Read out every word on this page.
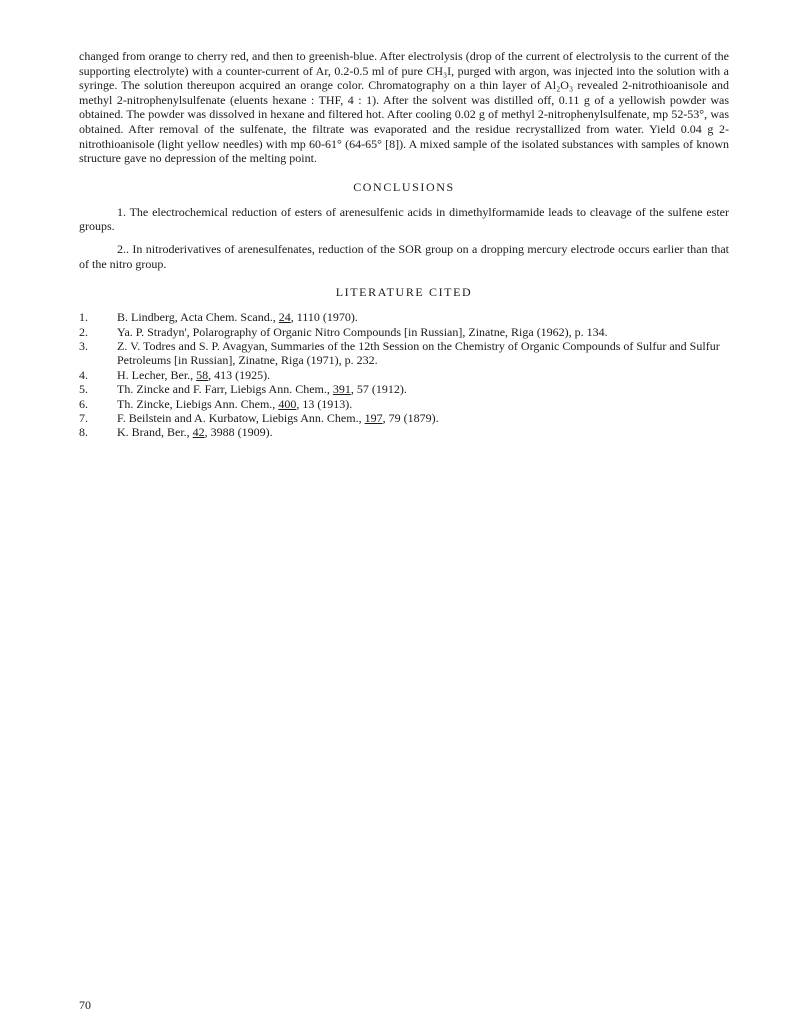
changed from orange to cherry red, and then to greenish-blue. After electrolysis (drop of the current of electrolysis to the current of the supporting electrolyte) with a counter-current of Ar, 0.2-0.5 ml of pure CH₃I, purged with argon, was injected into the solution with a syringe. The solution thereupon acquired an orange color. Chromatography on a thin layer of Al₂O₃ revealed 2-nitrothioanisole and methyl 2-nitrophenylsulfenate (eluents hexane : THF, 4 : 1). After the solvent was distilled off, 0.11 g of a yellowish powder was obtained. The powder was dissolved in hexane and filtered hot. After cooling 0.02 g of methyl 2-nitrophenylsulfenate, mp 52-53°, was obtained. After removal of the sulfenate, the filtrate was evaporated and the residue recrystallized from water. Yield 0.04 g 2-nitrothioanisole (light yellow needles) with mp 60-61° (64-65° [8]). A mixed sample of the isolated substances with samples of known structure gave no depression of the melting point.

CONCLUSIONS

1. The electrochemical reduction of esters of arenesulfenic acids in dimethylformamide leads to cleavage of the sulfene ester groups.

2.. In nitroderivatives of arenesulfenates, reduction of the SOR group on a dropping mercury electrode occurs earlier than that of the nitro group.

LITERATURE CITED
1.	B. Lindberg, Acta Chem. Scand., 24, 1110 (1970).
2.	Ya. P. Stradyn', Polarography of Organic Nitro Compounds [in Russian], Zinatne, Riga (1962), p. 134.
3.	Z. V. Todres and S. P. Avagyan, Summaries of the 12th Session on the Chemistry of Organic Compounds of Sulfur and Sulfur Petroleums [in Russian], Zinatne, Riga (1971), p. 232.
4.	H. Lecher, Ber., 58, 413 (1925).
5.	Th. Zincke and F. Farr, Liebigs Ann. Chem., 391, 57 (1912).
6.	Th. Zincke, Liebigs Ann. Chem., 400, 13 (1913).
7.	F. Beilstein and A. Kurbatow, Liebigs Ann. Chem., 197, 79 (1879).
8.	K. Brand, Ber., 42, 3988 (1909).
70
